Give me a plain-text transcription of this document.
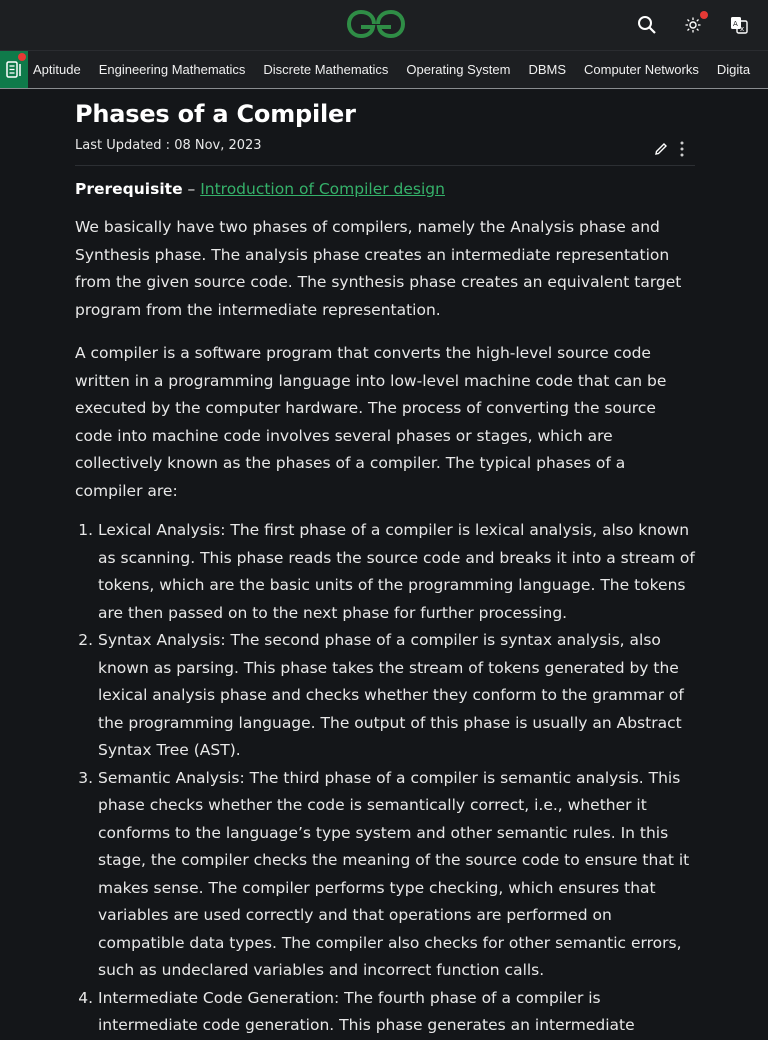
A
x
Aptitude Engineering Mathematics Discrete Mathematics Operating System DBMS Computer Networks Digita
Phases of a Compiler
Last Updated : 08 Nov, 2023
Prerequisite – Introduction of Compiler design

We basically have two phases of compilers, namely the Analysis phase and Synthesis phase. The analysis phase creates an intermediate representation from the given source code. The synthesis phase creates an equivalent target program from the intermediate representation.

A compiler is a software program that converts the high-level source code written in a programming language into low-level machine code that can be executed by the computer hardware. The process of converting the source code into machine code involves several phases or stages, which are collectively known as the phases of a compiler. The typical phases of a compiler are:

1. Lexical Analysis: The first phase of a compiler is lexical analysis, also known as scanning. This phase reads the source code and breaks it into a stream of tokens, which are the basic units of the programming language. The tokens are then passed on to the next phase for further processing.
2. Syntax Analysis: The second phase of a compiler is syntax analysis, also known as parsing. This phase takes the stream of tokens generated by the lexical analysis phase and checks whether they conform to the grammar of the programming language. The output of this phase is usually an Abstract Syntax Tree (AST).
3. Semantic Analysis: The third phase of a compiler is semantic analysis. This phase checks whether the code is semantically correct, i.e., whether it conforms to the language’s type system and other semantic rules. In this stage, the compiler checks the meaning of the source code to ensure that it makes sense. The compiler performs type checking, which ensures that variables are used correctly and that operations are performed on compatible data types. The compiler also checks for other semantic errors, such as undeclared variables and incorrect function calls.
4. Intermediate Code Generation: The fourth phase of a compiler is intermediate code generation. This phase generates an intermediate
